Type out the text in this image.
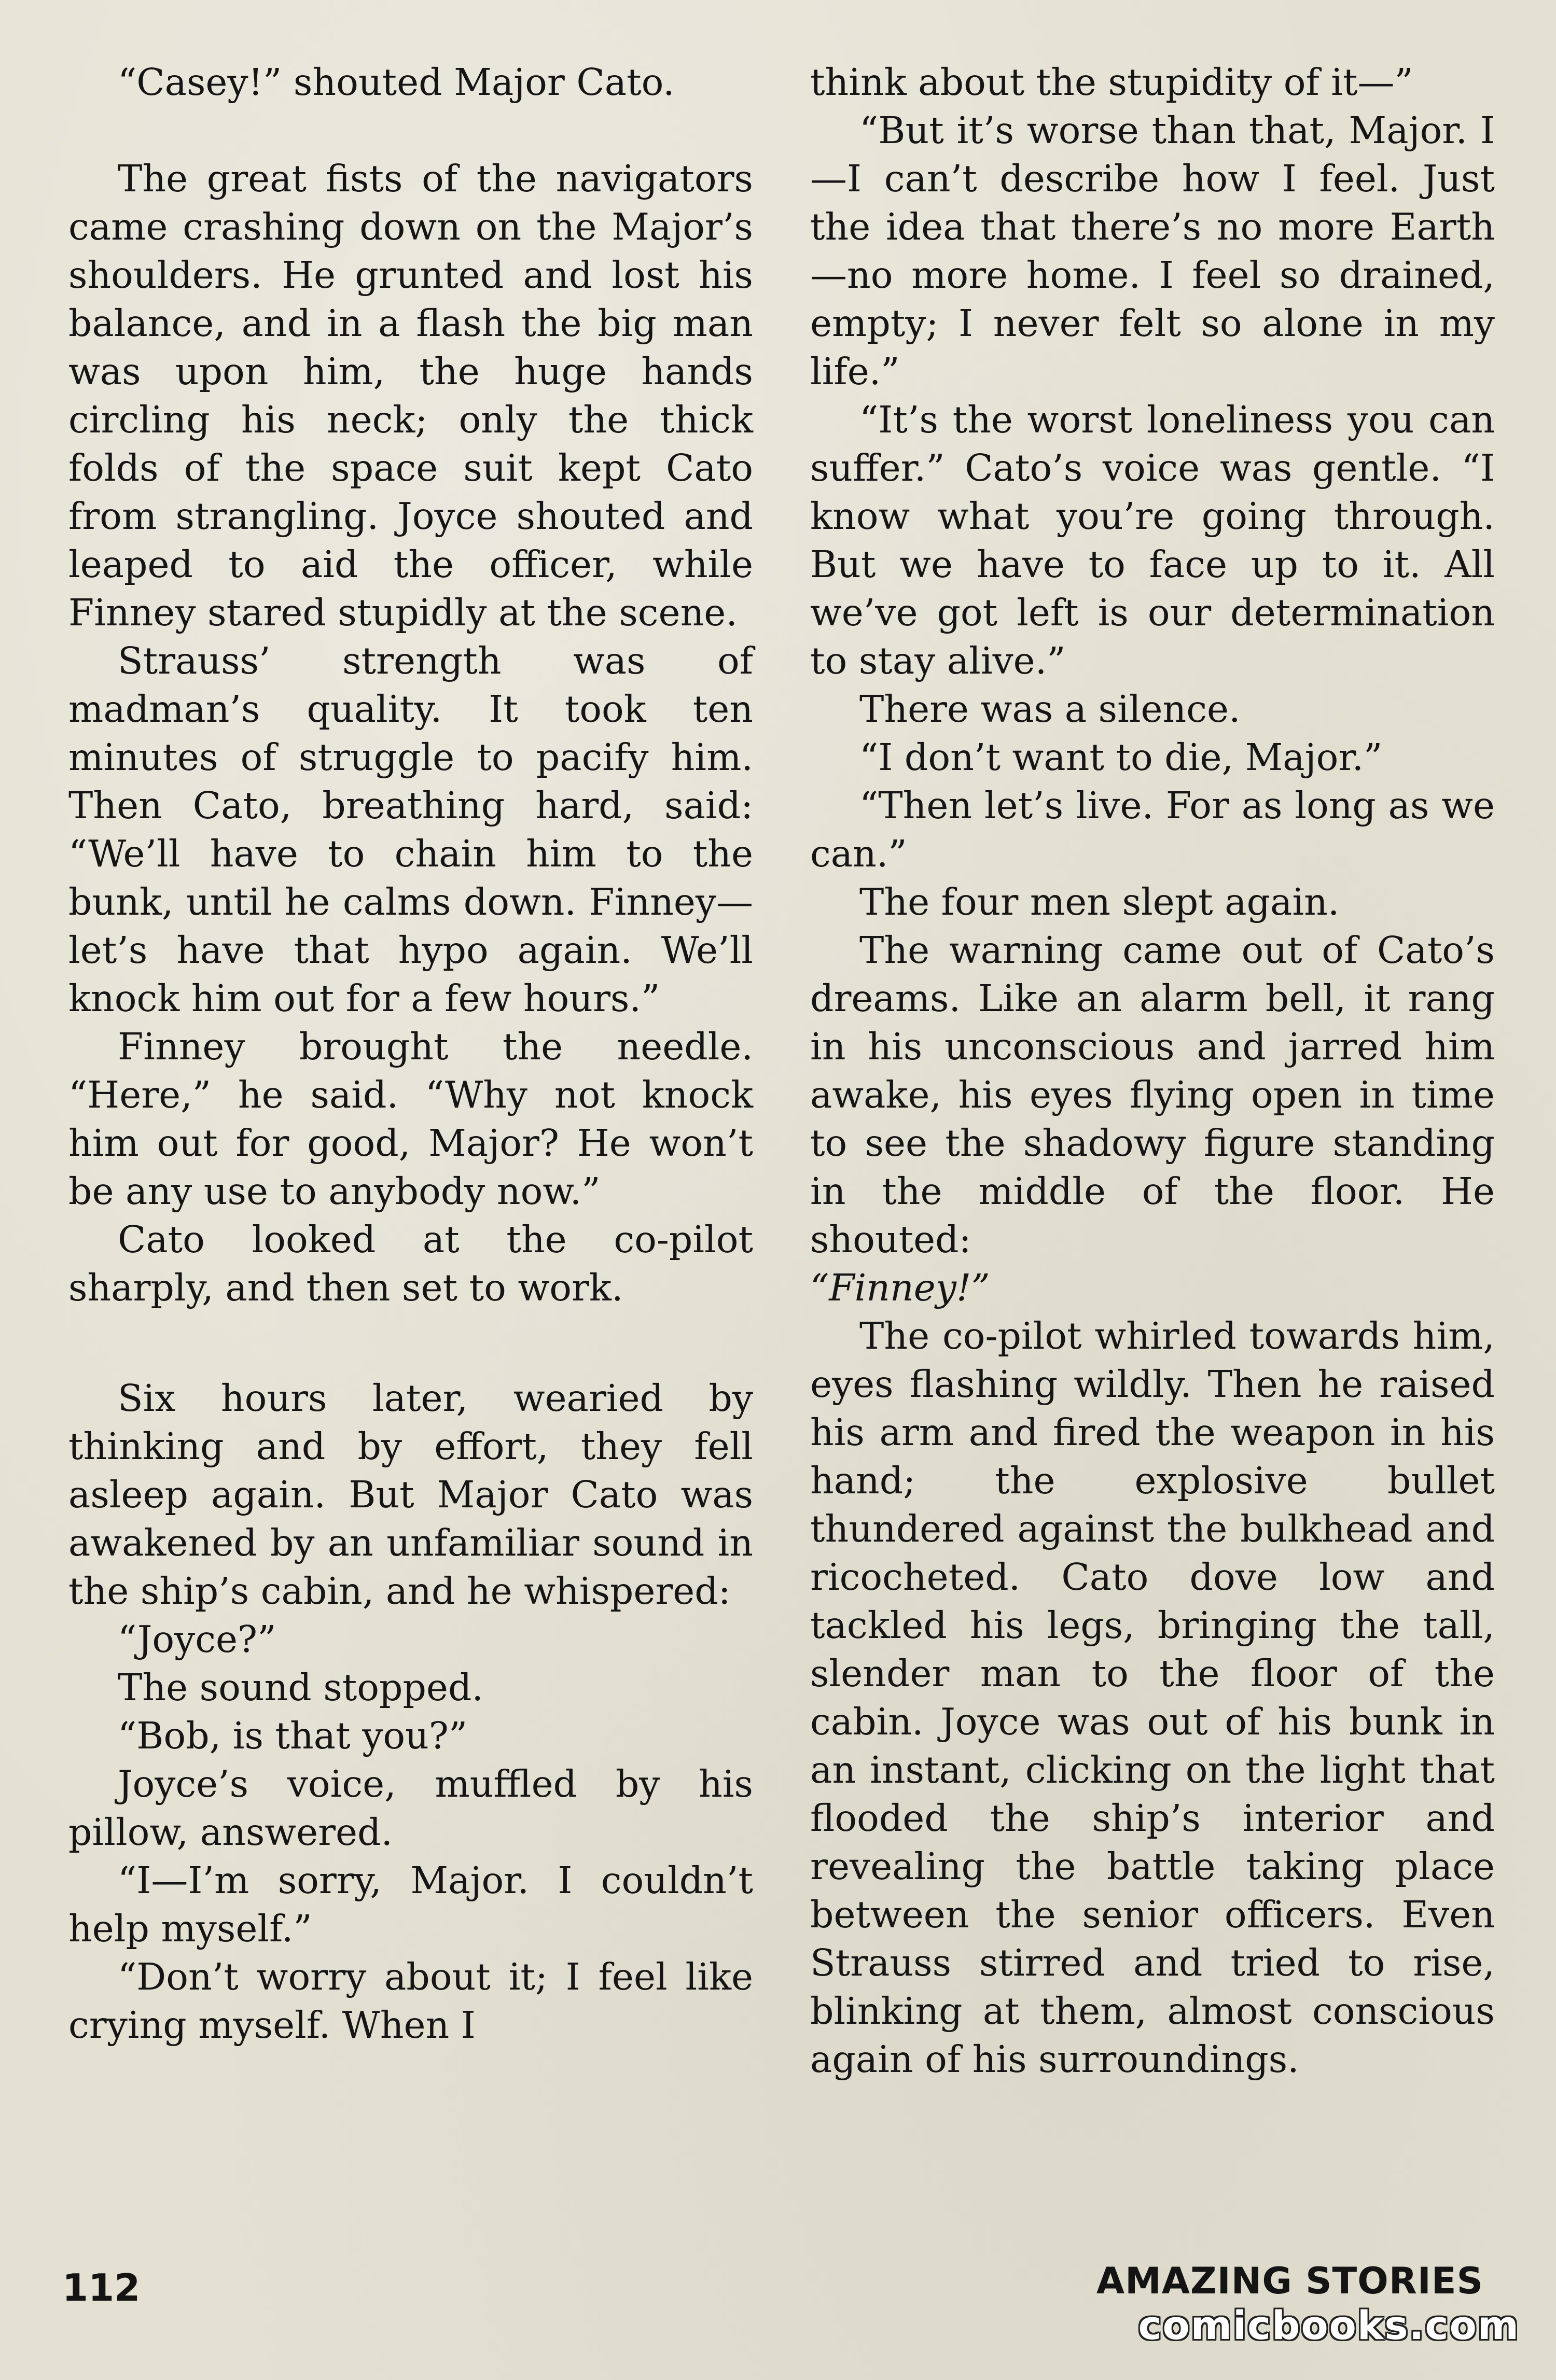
“Casey!” shouted Major Cato.

The great fists of the navigators came crashing down on the Major’s shoulders. He grunted and lost his balance, and in a flash the big man was upon him, the huge hands circling his neck; only the thick folds of the space suit kept Cato from strangling. Joyce shouted and leaped to aid the officer, while Finney stared stupidly at the scene.

Strauss’ strength was of madman’s quality. It took ten minutes of struggle to pacify him. Then Cato, breathing hard, said: “We’ll have to chain him to the bunk, until he calms down. Finney—let’s have that hypo again. We’ll knock him out for a few hours.”

Finney brought the needle. “Here,” he said. “Why not knock him out for good, Major? He won’t be any use to anybody now.”

Cato looked at the co-pilot sharply, and then set to work.

Six hours later, wearied by thinking and by effort, they fell asleep again. But Major Cato was awakened by an unfamiliar sound in the ship’s cabin, and he whispered:

“Joyce?”

The sound stopped.

“Bob, is that you?”

Joyce’s voice, muffled by his pillow, answered.

“I—I’m sorry, Major. I couldn’t help myself.”

“Don’t worry about it; I feel like crying myself. When I

think about the stupidity of it—”

“But it’s worse than that, Major. I—I can’t describe how I feel. Just the idea that there’s no more Earth—no more home. I feel so drained, empty; I never felt so alone in my life.”

“It’s the worst loneliness you can suffer.” Cato’s voice was gentle. “I know what you’re going through. But we have to face up to it. All we’ve got left is our determination to stay alive.”

There was a silence.

“I don’t want to die, Major.”

“Then let’s live. For as long as we can.”

The four men slept again.

The warning came out of Cato’s dreams. Like an alarm bell, it rang in his unconscious and jarred him awake, his eyes flying open in time to see the shadowy figure standing in the middle of the floor. He shouted:

“Finney!”

The co-pilot whirled towards him, eyes flashing wildly. Then he raised his arm and fired the weapon in his hand; the explosive bullet thundered against the bulkhead and ricocheted. Cato dove low and tackled his legs, bringing the tall, slender man to the floor of the cabin. Joyce was out of his bunk in an instant, clicking on the light that flooded the ship’s interior and revealing the battle taking place between the senior officers. Even Strauss stirred and tried to rise, blinking at them, almost conscious again of his surroundings.

112	AMAZING STORIES
comicbooks.com
